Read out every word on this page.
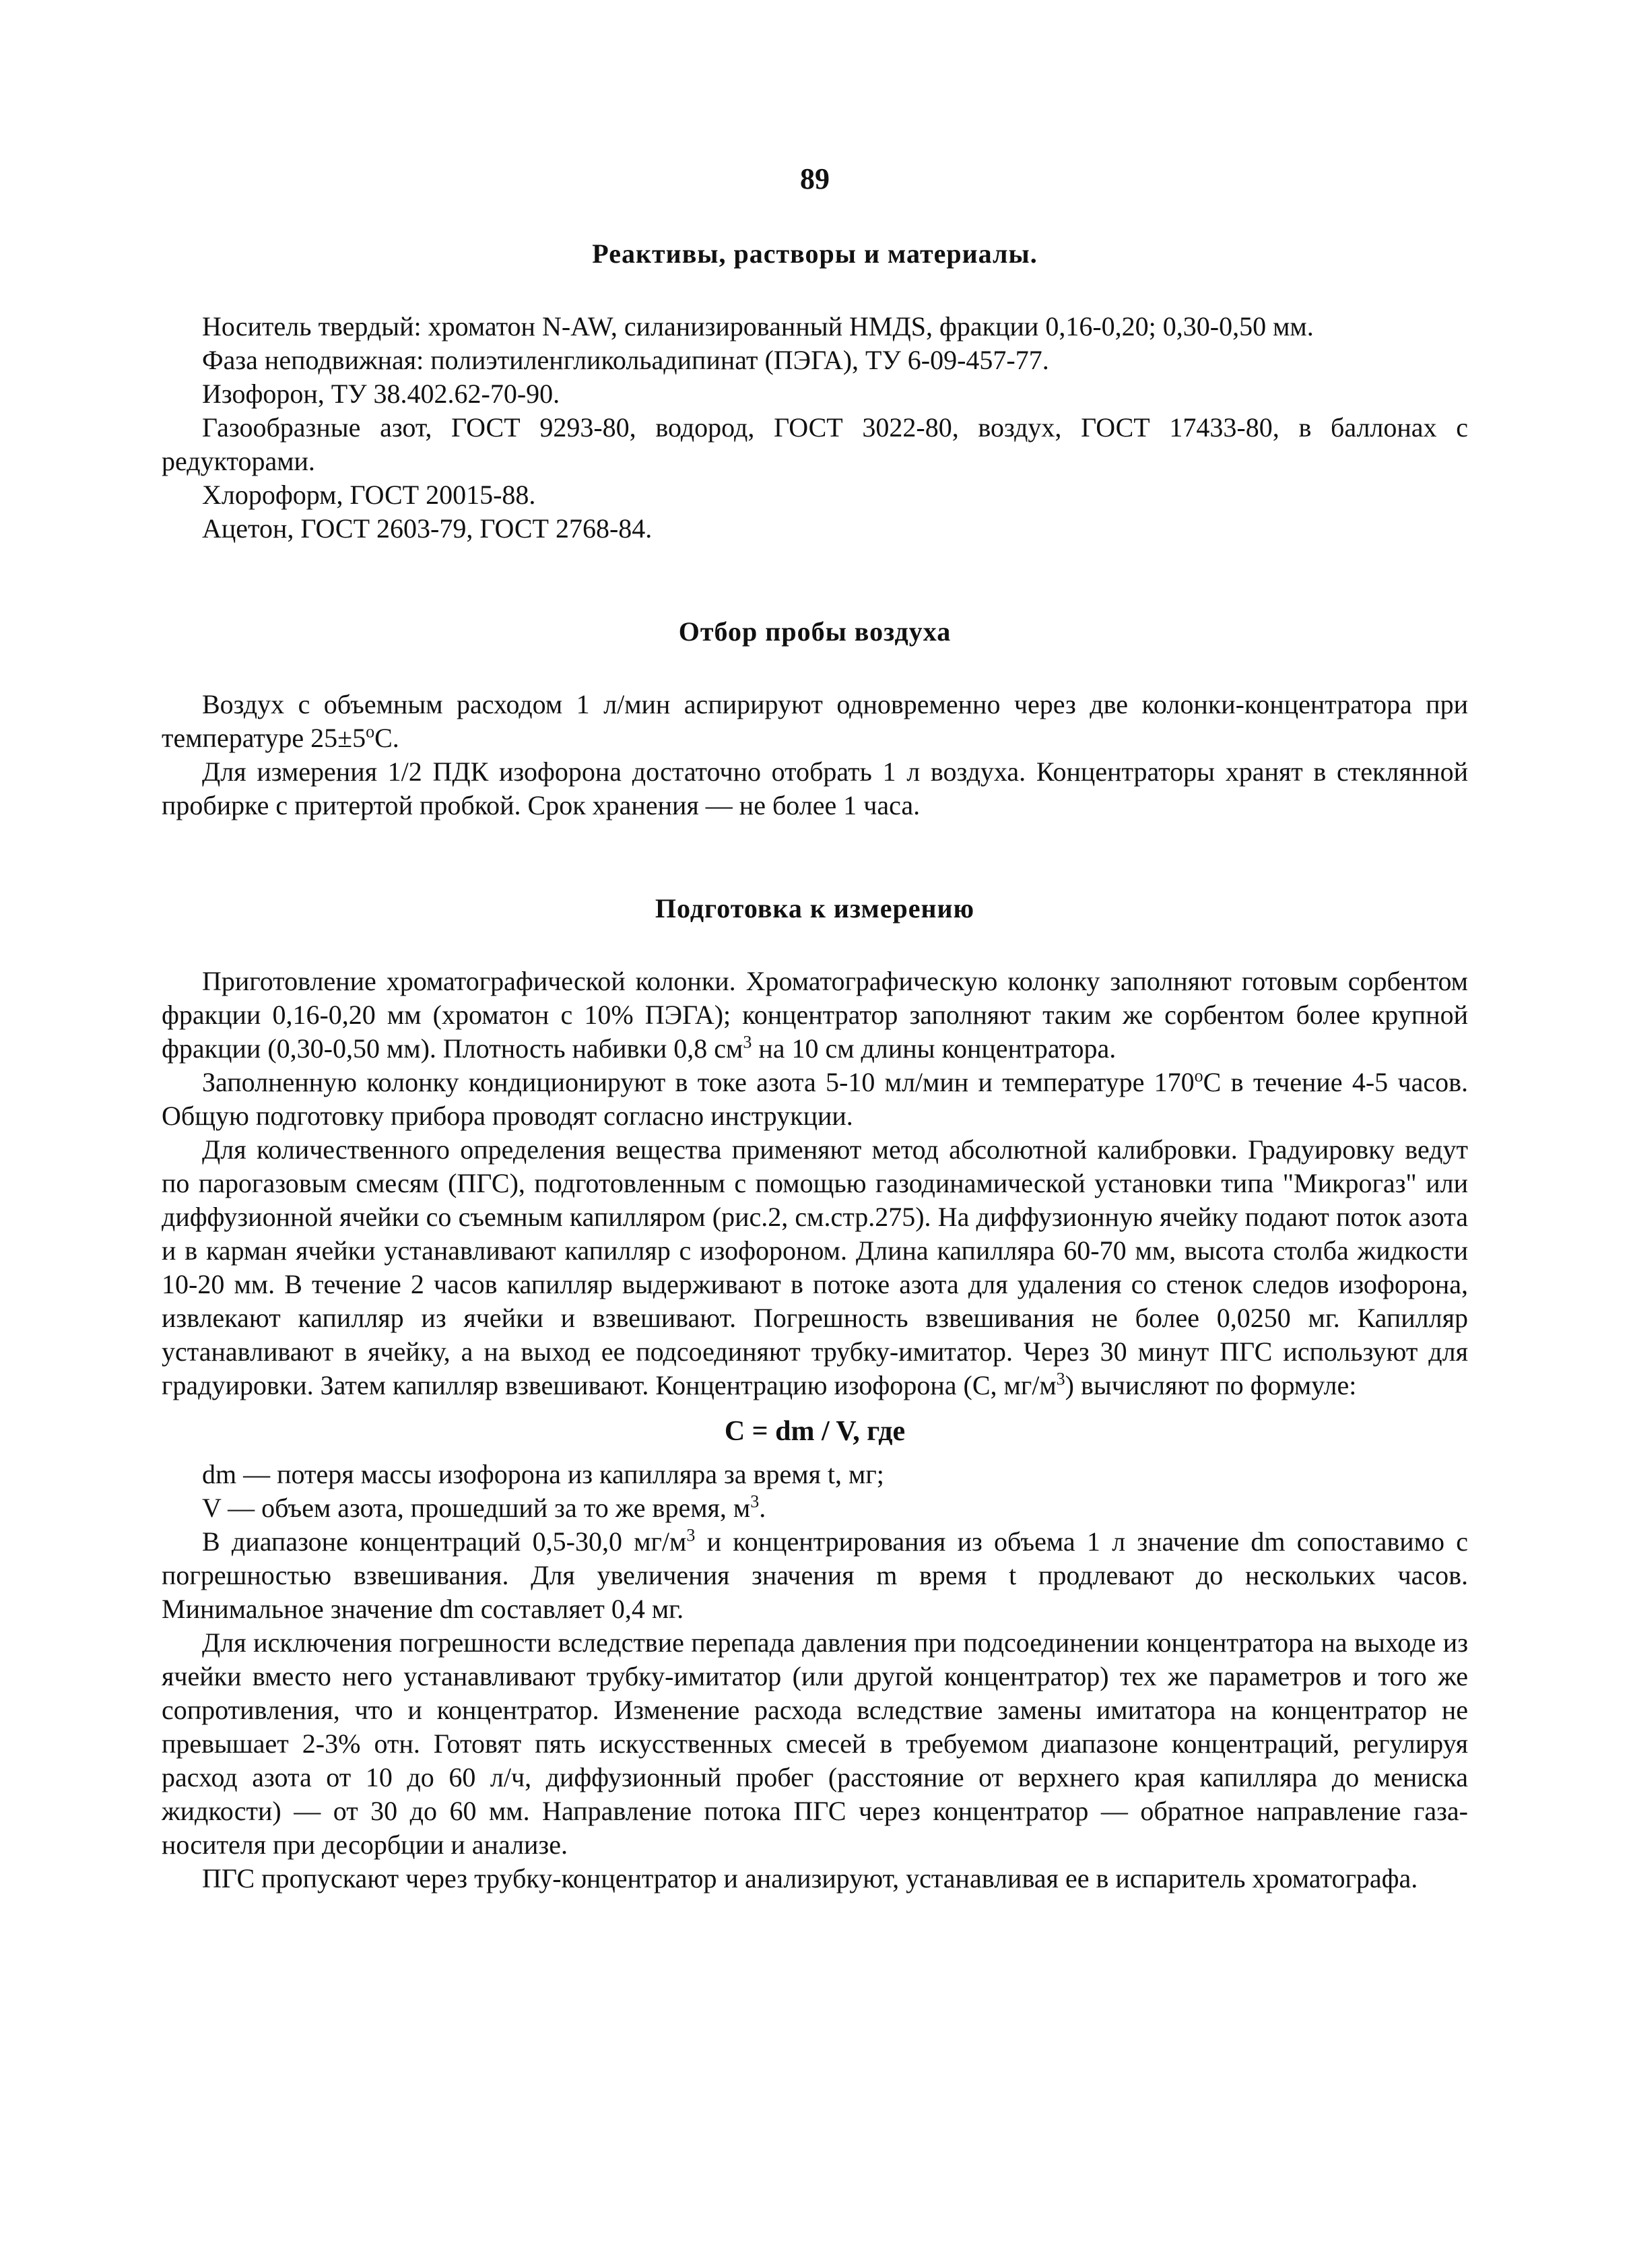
89
Реактивы, растворы и материалы.

Носитель твердый: хроматон N-AW, силанизированный НМДS, фракции 0,16-0,20; 0,30-0,50 мм.

Фаза неподвижная: полиэтиленгликольадипинат (ПЭГА), ТУ 6-09-457-77.

Изофорон, ТУ 38.402.62-70-90.

Газообразные азот, ГОСТ 9293-80, водород, ГОСТ 3022-80, воздух, ГОСТ 17433-80, в баллонах с редукторами.

Хлороформ, ГОСТ 20015-88.

Ацетон, ГОСТ 2603-79, ГОСТ 2768-84.

Отбор пробы воздуха

Воздух с объемным расходом 1 л/мин аспирируют одновременно через две колонки-концентратора при температуре $25\pm 5^оС$.

Для измерения 1/2 ПДК изофорона достаточно отобрать 1 л воздуха. Концентраторы хранят в стеклянной пробирке с притертой пробкой. Срок хранения — не более 1 часа.

Подготовка к измерению

Приготовление хроматографической колонки. Хроматографическую колонку заполняют готовым сорбентом фракции 0,16-0,20 мм (хроматон с 10% ПЭГА); концентратор заполняют таким же сорбентом более крупной фракции (0,30-0,50 мм). Плотность набивки 0,8 $см^3$ на 10 см длины концентратора.

Заполненную колонку кондиционируют в токе азота 5-10 мл/мин и температуре $170^оС$ в течение 4-5 часов. Общую подготовку прибора проводят согласно инструкции.

Для количественного определения вещества применяют метод абсолютной калибровки. Градуировку ведут по парогазовым смесям (ПГС), подготовленным с помощью газодинамической установки типа "Микрогаз" или диффузионной ячейки со съемным капилляром (рис.2, см.стр.275). На диффузионную ячейку подают поток азота и в карман ячейки устанавливают капилляр с изофороном. Длина капилляра 60-70 мм, высота столба жидкости 10-20 мм. В течение 2 часов капилляр выдерживают в потоке азота для удаления со стенок следов изофорона, извлекают капилляр из ячейки и взвешивают. Погрешность взвешивания не более 0,0250 мг. Капилляр устанавливают в ячейку, а на выход ее подсоединяют трубку-имитатор. Через 30 минут ПГС используют для градуировки. Затем капилляр взвешивают. Концентрацию изофорона (С, $мг/м^3$) вычисляют по формуле:

С = dm / V, где

dm — потеря массы изофорона из капилляра за время t, мг;

V — объем азота, прошедший за то же время, $м^3$.

В диапазоне концентраций 0,5-30,0 $мг/м^3$ и концентрирования из объема 1 л значение dm сопоставимо с погрешностью взвешивания. Для увеличения значения m время t продлевают до нескольких часов. Минимальное значение dm составляет 0,4 мг.

Для исключения погрешности вследствие перепада давления при подсоединении концентратора на выходе из ячейки вместо него устанавливают трубку-имитатор (или другой концентратор) тех же параметров и того же сопротивления, что и концентратор. Изменение расхода вследствие замены имитатора на концентратор не превышает 2-3% отн. Готовят пять искусственных смесей в требуемом диапазоне концентраций, регулируя расход азота от 10 до 60 л/ч, диффузионный пробег (расстояние от верхнего края капилляра до мениска жидкости) — от 30 до 60 мм. Направление потока ПГС через концентратор — обратное направление газа-носителя при десорбции и анализе.

ПГС пропускают через трубку-концентратор и анализируют, устанавливая ее в испаритель хроматографа.
